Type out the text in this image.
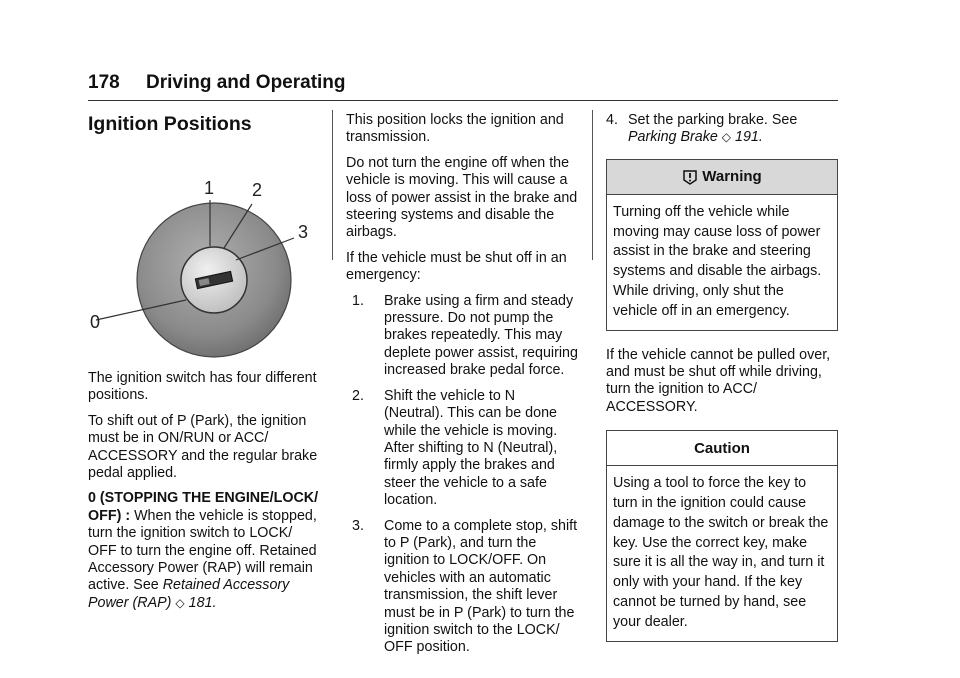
178 Driving and Operating
Ignition Positions
0
1 2
3

The ignition switch has four different positions.

To shift out of P (Park), the ignition must be in ON/RUN or ACC/ ACCESSORY and the regular brake pedal applied.

0 (STOPPING THE ENGINE/LOCK/ OFF) : When the vehicle is stopped, turn the ignition switch to LOCK/ OFF to turn the engine off. Retained Accessory Power (RAP) will remain active. See Retained Accessory Power (RAP) ◇ 181.

This position locks the ignition and transmission.

Do not turn the engine off when the vehicle is moving. This will cause a loss of power assist in the brake and steering systems and disable the airbags.

If the vehicle must be shut off in an emergency:

1. Brake using a firm and steady pressure. Do not pump the brakes repeatedly. This may deplete power assist, requiring increased brake pedal force.
2. Shift the vehicle to N (Neutral). This can be done while the vehicle is moving. After shifting to N (Neutral), firmly apply the brakes and steer the vehicle to a safe location.
3. Come to a complete stop, shift to P (Park), and turn the ignition to LOCK/OFF. On vehicles with an automatic transmission, the shift lever must be in P (Park) to turn the ignition switch to the LOCK/ OFF position.
4. Set the parking brake. See Parking Brake ◇ 191.
Warning
Turning off the vehicle while moving may cause loss of power assist in the brake and steering systems and disable the airbags. While driving, only shut the vehicle off in an emergency.

If the vehicle cannot be pulled over, and must be shut off while driving, turn the ignition to ACC/ ACCESSORY.

Caution
Using a tool to force the key to turn in the ignition could cause damage to the switch or break the key. Use the correct key, make sure it is all the way in, and turn it only with your hand. If the key cannot be turned by hand, see your dealer.
